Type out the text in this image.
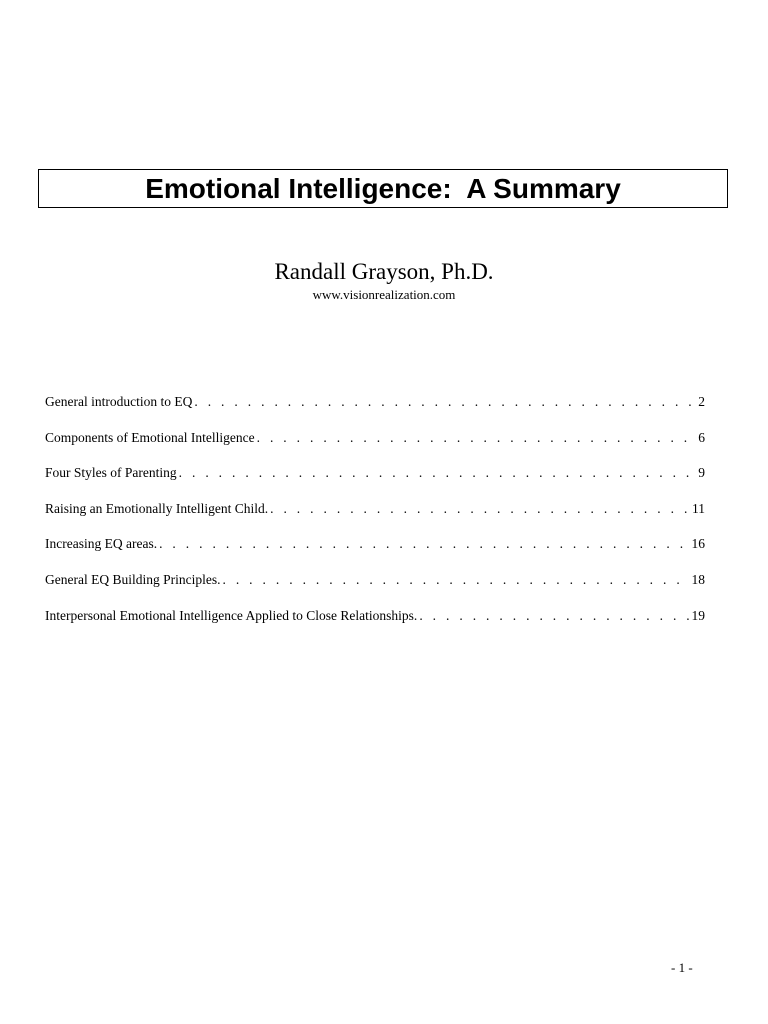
Emotional Intelligence:  A Summary
Randall Grayson, Ph.D.
www.visionrealization.com
General introduction to EQ . . .	2
Components of Emotional Intelligence . . .	6
Four Styles of Parenting . . .	9
Raising an Emotionally Intelligent Child. . . .	11
Increasing EQ areas. . . .	16
General EQ Building Principles. . . .	18
Interpersonal Emotional Intelligence Applied to Close Relationships. . . .	19
- 1 -
